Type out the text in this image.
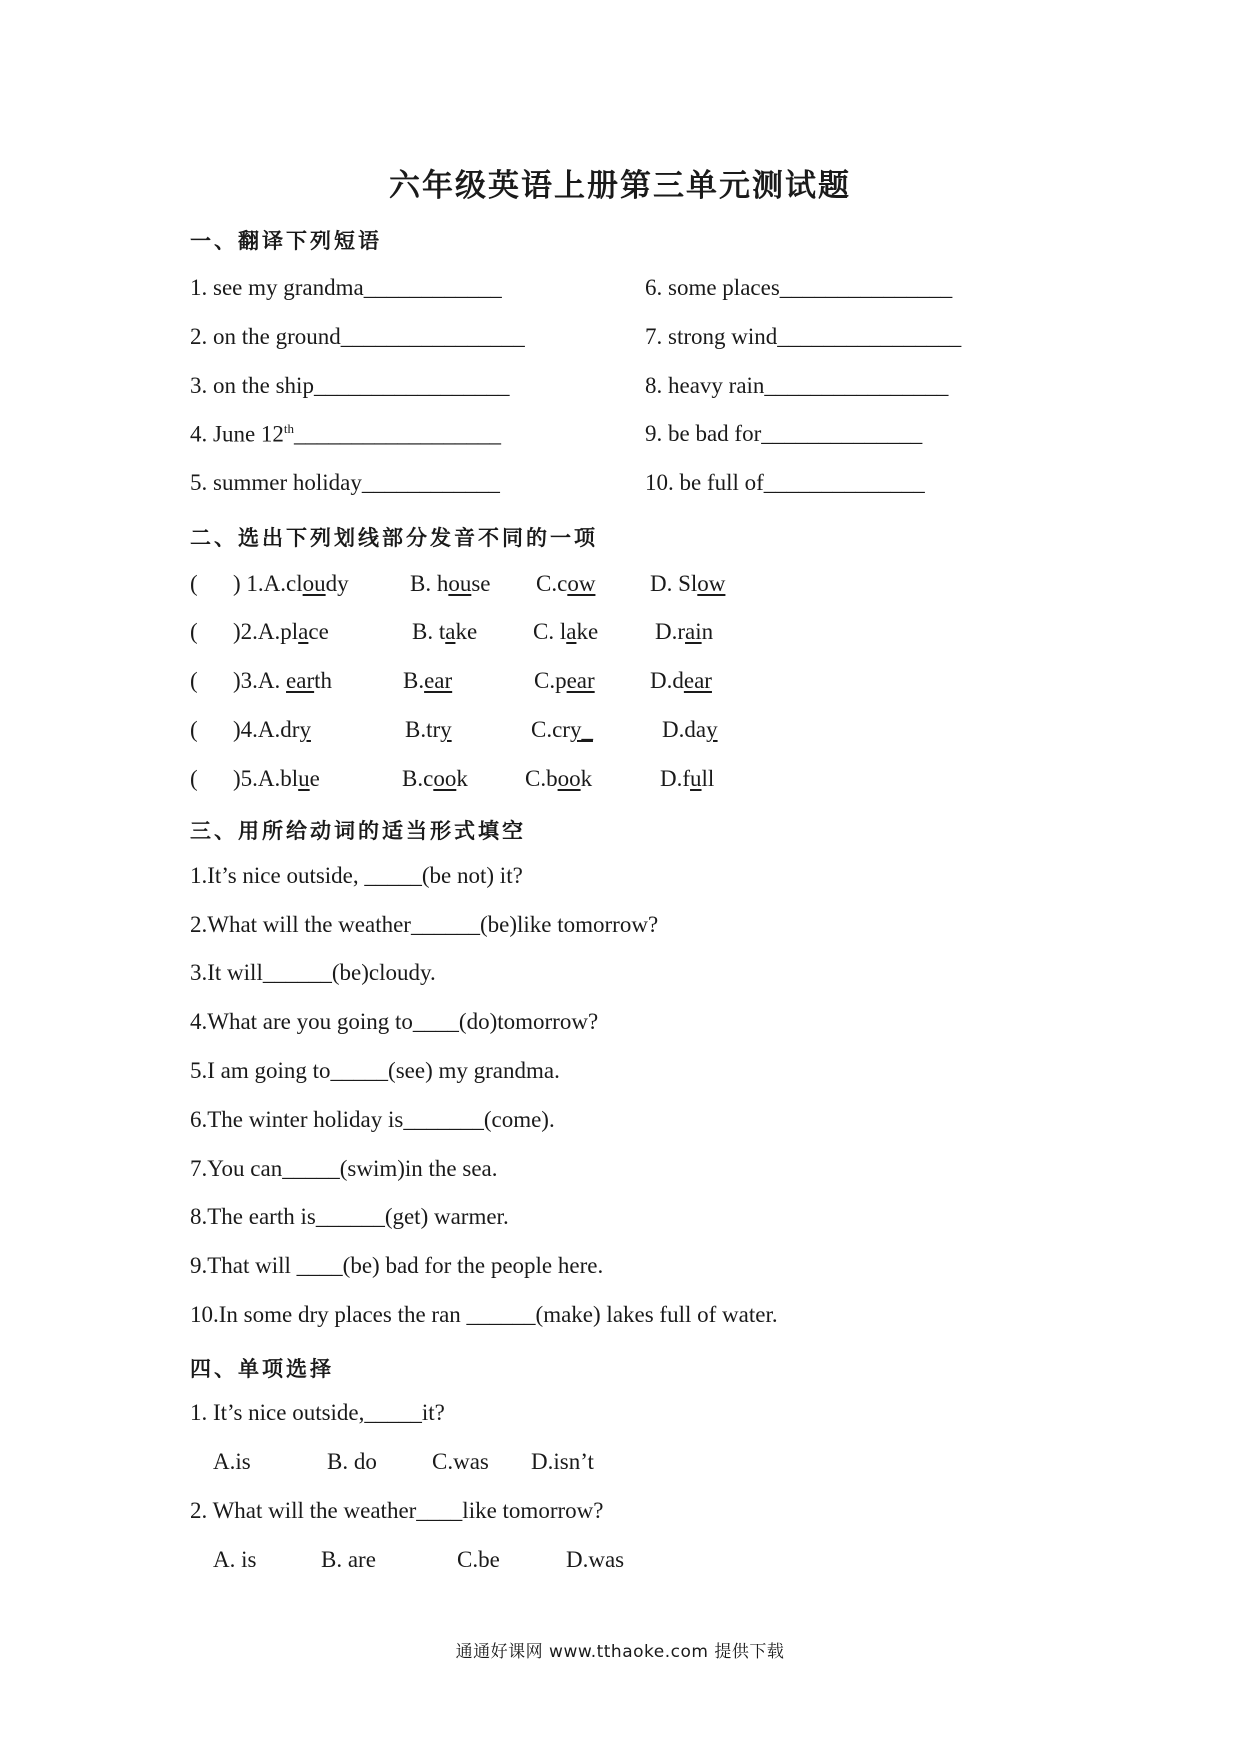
六年级英语上册第三单元测试题
一、翻译下列短语
1. see my grandma____________	6. some places_______________
2. on the ground________________	7. strong wind________________
3. on the ship_________________	8. heavy rain________________
4. June 12th__________________	9. be bad for______________
5. summer holiday____________	10. be full of______________
二、选出下列划线部分发音不同的一项
( ) 1.A.cloudy	B. house C.cow D. Slow
( )2.A.place	B. take C. lake D.rain
( )3.A. earth	B.ear	C.pear D.dear
( )4.A.dry	B.try	C.cry_	D.day
( )5.A.blue	B.cook C.book	D.full
三、用所给动词的适当形式填空
1.It’s nice outside, _____(be not) it?
2.What will the weather______(be)like tomorrow?
3.It will______(be)cloudy.
4.What are you going to____(do)tomorrow?
5.I am going to_____(see) my grandma.
6.The winter holiday is_______(come).
7.You can_____(swim)in the sea.
8.The earth is______(get) warmer.
9.That will ____(be) bad for the people here.
10.In some dry places the ran ______(make) lakes full of water.
四、单项选择
1. It’s nice outside,_____it?
A.is	B. do C.was D.isn’t
2. What will the weather____like tomorrow?
A. is	B. are	C.be	D.was
通通好课网 www.tthaoke.com 提供下载
